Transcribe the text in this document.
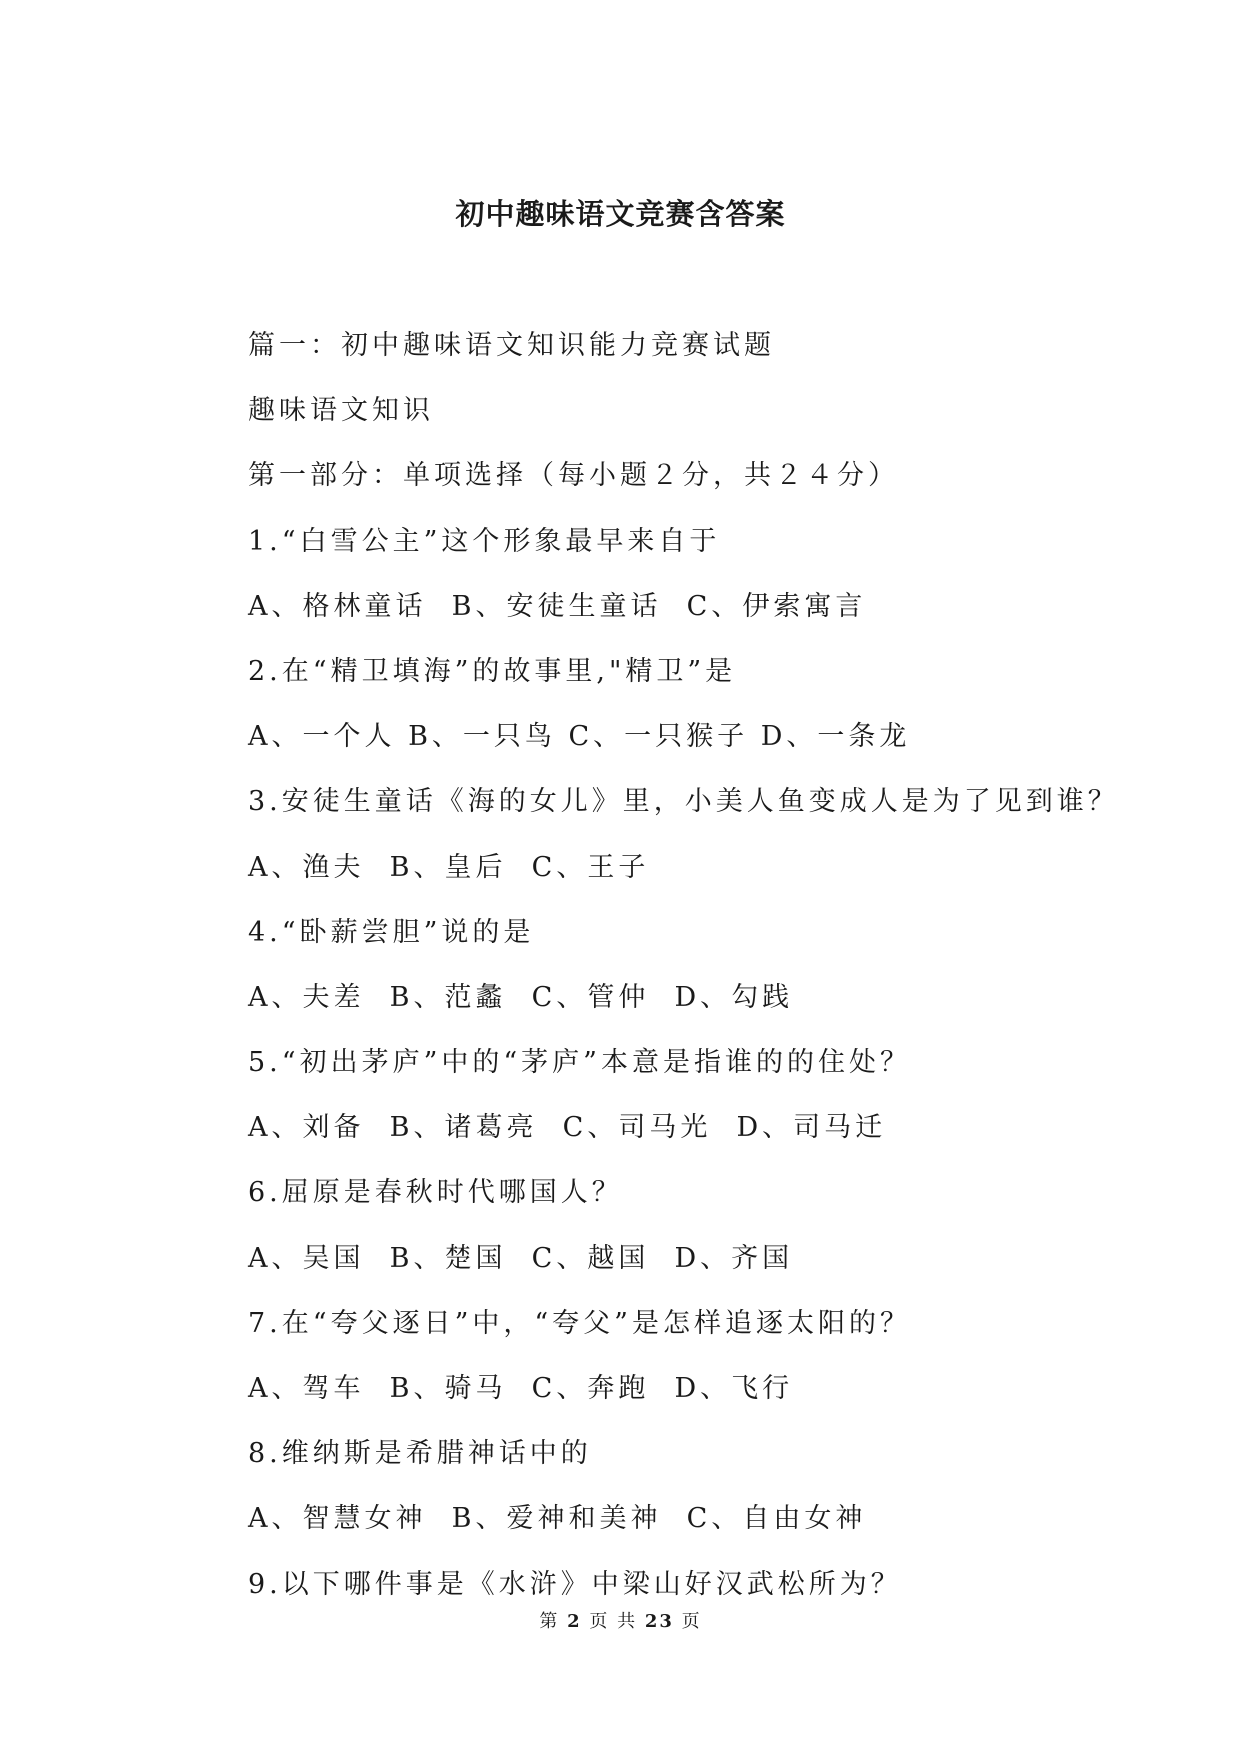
初中趣味语文竞赛含答案
篇一：初中趣味语文知识能力竞赛试题
趣味语文知识
第一部分：单项选择（每小题２分，共２４分）
1.“白雪公主”这个形象最早来自于
A、格林童话  B、安徒生童话  C、伊索寓言
2.在“精卫填海”的故事里,"精卫”是
A、一个人 B、一只鸟 C、一只猴子 D、一条龙
3.安徒生童话《海的女儿》里，小美人鱼变成人是为了见到谁？
A、渔夫  B、皇后  C、王子
4.“卧薪尝胆”说的是
A、夫差  B、范蠡  C、管仲  D、勾践
5.“初出茅庐”中的“茅庐”本意是指谁的的住处？
A、刘备  B、诸葛亮  C、司马光  D、司马迁
6.屈原是春秋时代哪国人？
A、吴国  B、楚国  C、越国  D、齐国
7.在“夸父逐日”中，“夸父”是怎样追逐太阳的？
A、驾车  B、骑马  C、奔跑  D、飞行
8.维纳斯是希腊神话中的
A、智慧女神  B、爱神和美神  C、自由女神
9.以下哪件事是《水浒》中梁山好汉武松所为？
第 2 页 共 23 页
